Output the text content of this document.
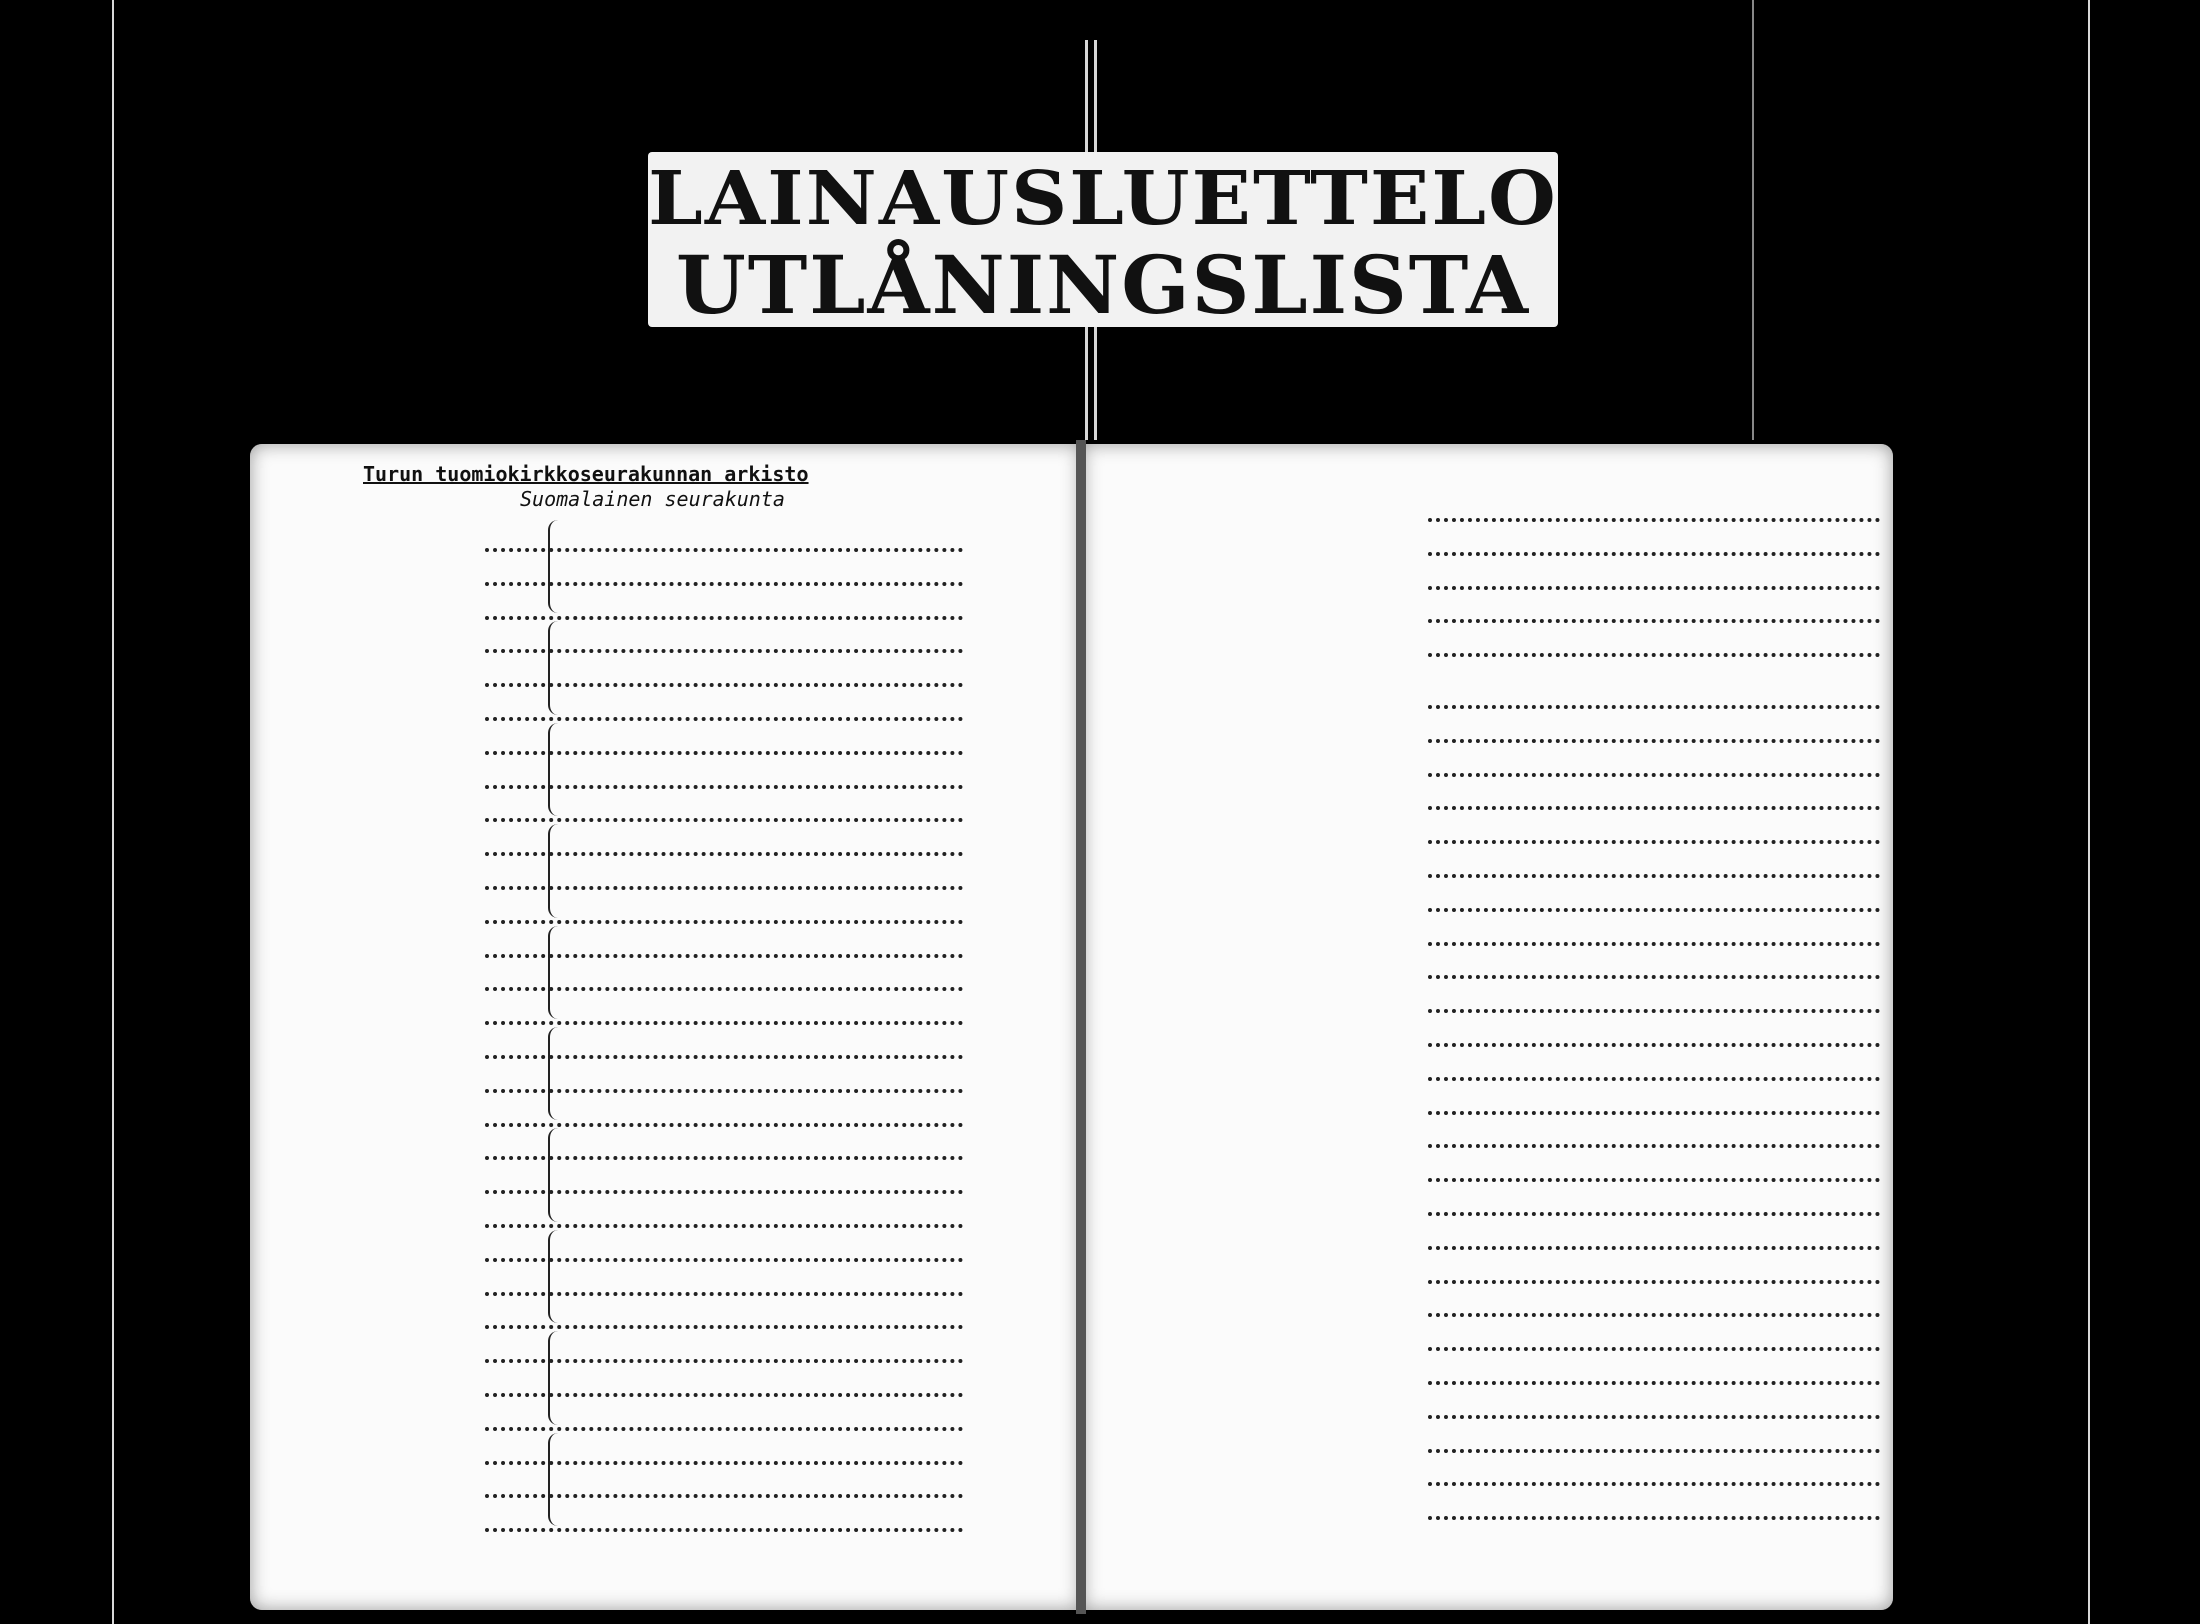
LAINAUSLUETTELO
UTLÅNINGSLISTA
Turun tuomiokirkkoseurakunnan arkisto
Suomalainen seurakunta
